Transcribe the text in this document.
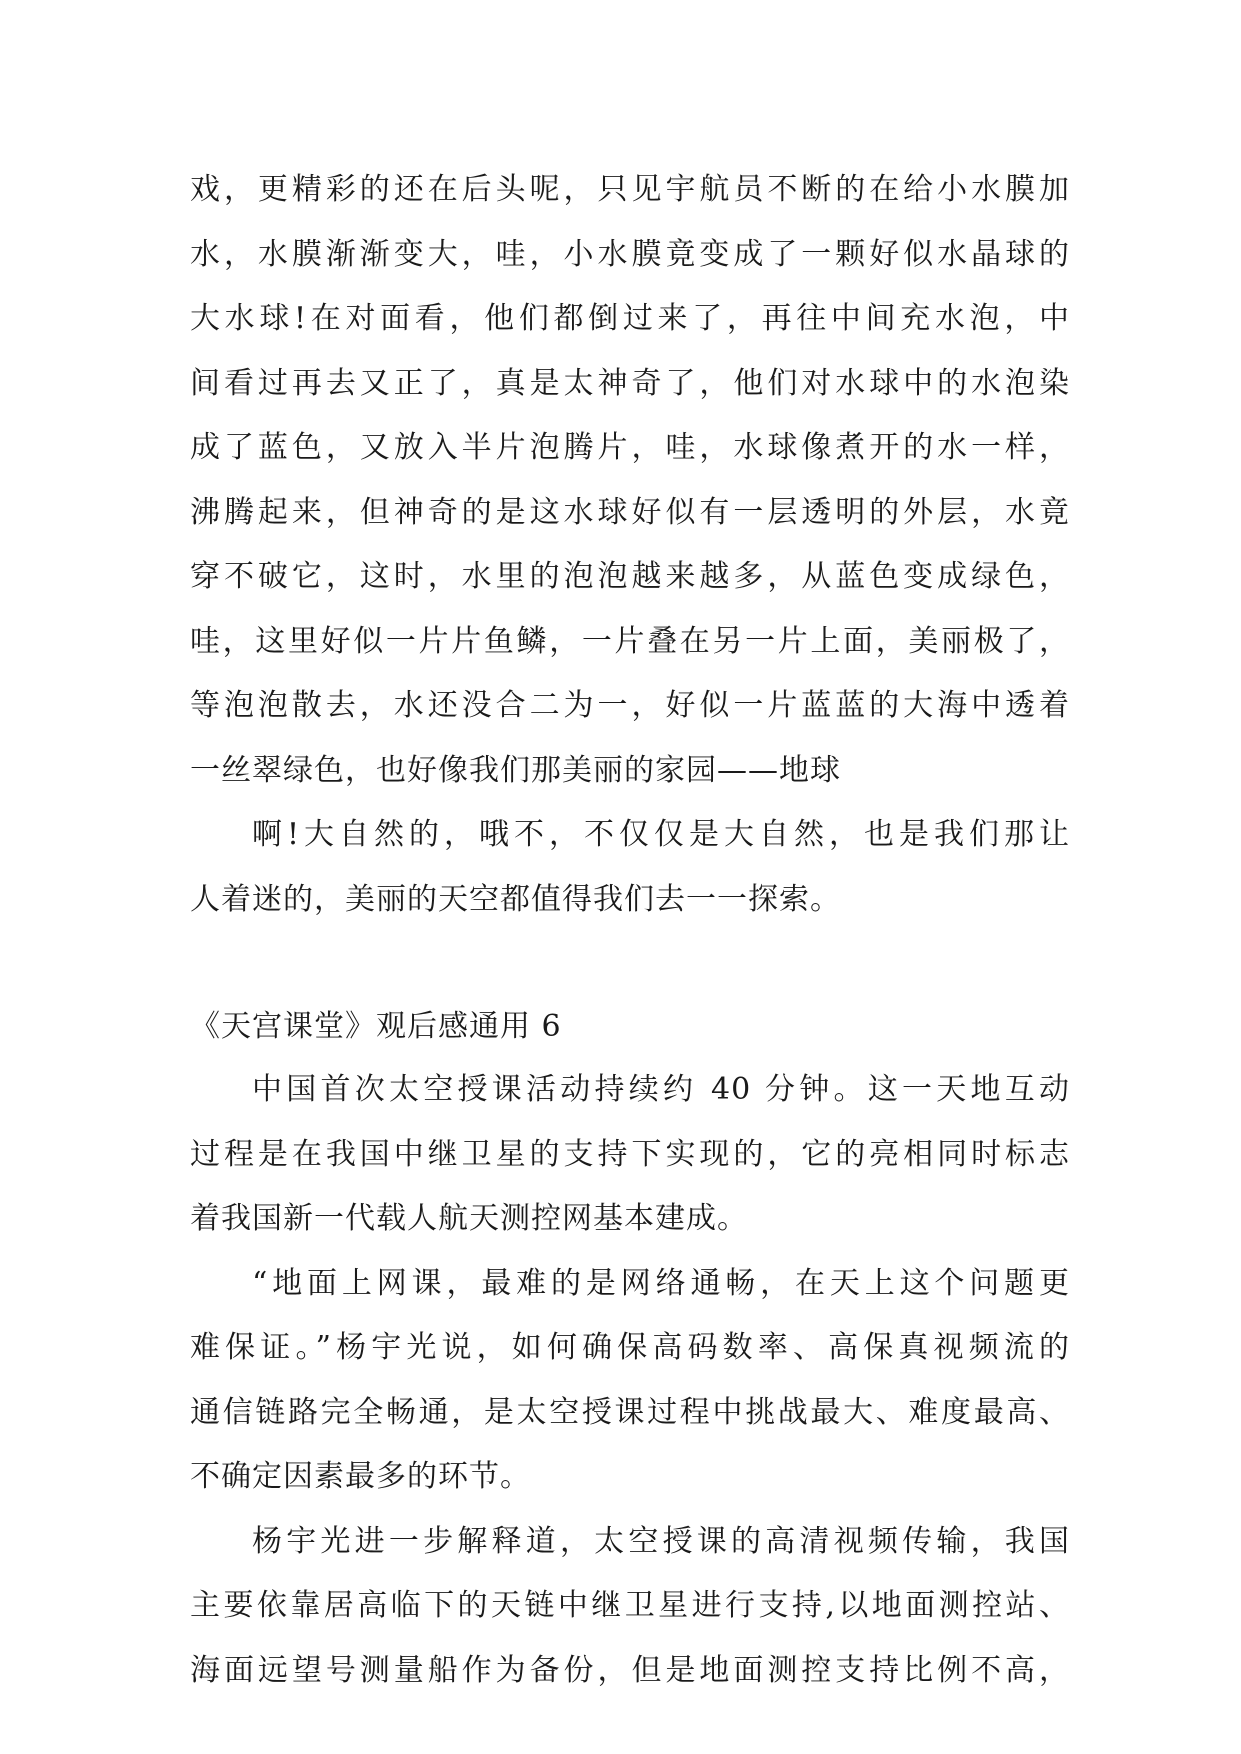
戏，更精彩的还在后头呢，只见宇航员不断的在给小水膜加
水，水膜渐渐变大，哇，小水膜竟变成了一颗好似水晶球的
大水球!在对面看，他们都倒过来了，再往中间充水泡，中
间看过再去又正了，真是太神奇了，他们对水球中的水泡染
成了蓝色，又放入半片泡腾片，哇，水球像煮开的水一样，
沸腾起来，但神奇的是这水球好似有一层透明的外层，水竟
穿不破它，这时，水里的泡泡越来越多，从蓝色变成绿色，
哇，这里好似一片片鱼鳞，一片叠在另一片上面，美丽极了，
等泡泡散去，水还没合二为一，好似一片蓝蓝的大海中透着
一丝翠绿色，也好像我们那美丽的家园——地球
啊!大自然的，哦不，不仅仅是大自然，也是我们那让
人着迷的，美丽的天空都值得我们去一一探索。
《天宫课堂》观后感通用 6
中国首次太空授课活动持续约 40 分钟。这一天地互动
过程是在我国中继卫星的支持下实现的，它的亮相同时标志
着我国新一代载人航天测控网基本建成。
“地面上网课，最难的是网络通畅，在天上这个问题更
难保证。”杨宇光说，如何确保高码数率、高保真视频流的
通信链路完全畅通，是太空授课过程中挑战最大、难度最高、
不确定因素最多的环节。
杨宇光进一步解释道，太空授课的高清视频传输，我国
主要依靠居高临下的天链中继卫星进行支持,以地面测控站、
海面远望号测量船作为备份，但是地面测控支持比例不高，
